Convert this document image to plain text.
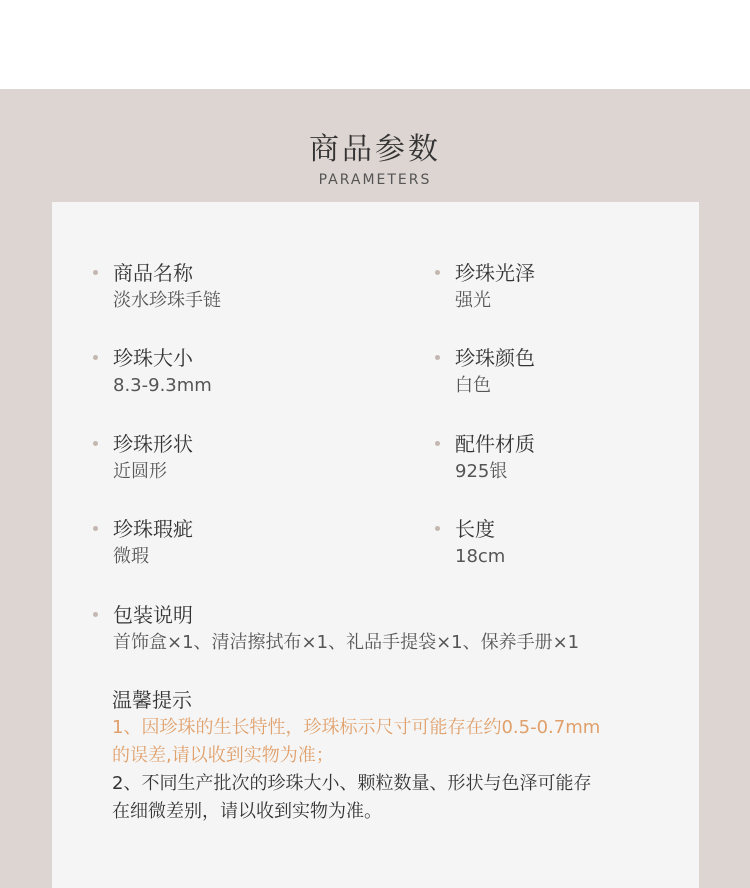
商品参数
PARAMETERS
商品名称
淡水珍珠手链
珍珠光泽
强光
珍珠大小
8.3-9.3mm
珍珠颜色
白色
珍珠形状
近圆形
配件材质
925银
珍珠瑕疵
微瑕
长度
18cm
包装说明
首饰盒×1、清洁擦拭布×1、礼品手提袋×1、保养手册×1
温馨提示
1、因珍珠的生长特性，珍珠标示尺寸可能存在约0.5-0.7mm
的误差,请以收到实物为准；
2、不同生产批次的珍珠大小、颗粒数量、形状与色泽可能存
在细微差别，请以收到实物为准。
